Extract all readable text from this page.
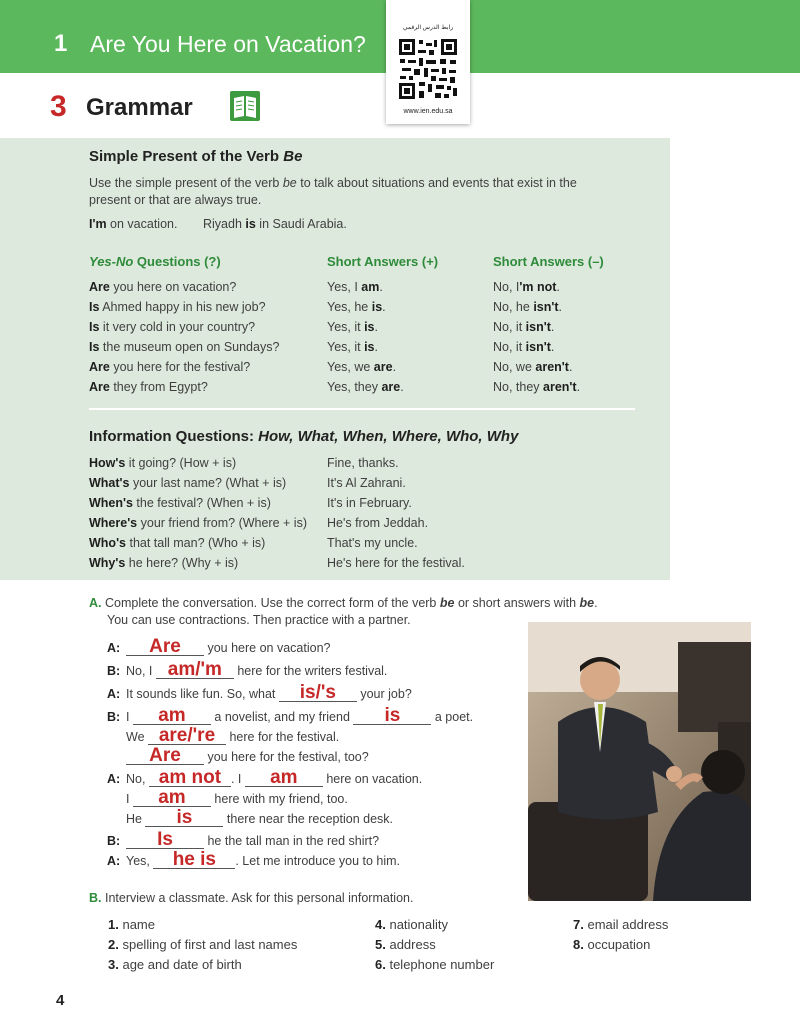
1 Are You Here on Vacation?
رابط الدرس الرقمي
www.ien.edu.sa
3 Grammar
Simple Present of the Verb Be
Use the simple present of the verb be to talk about situations and events that exist in the
present or that are always true.
I'm on vacation. Riyadh is in Saudi Arabia.
Yes-No Questions (?)	Short Answers (+)	Short Answers (–)
Are you here on vacation?	Yes, I am.	No, I'm not.
Is Ahmed happy in his new job?	Yes, he is.	No, he isn't.
Is it very cold in your country?	Yes, it is.	No, it isn't.
Is the museum open on Sundays?	Yes, it is.	No, it isn't.
Are you here for the festival?	Yes, we are.	No, we aren't.
Are they from Egypt?	Yes, they are.	No, they aren't.
Information Questions: How, What, When, Where, Who, Why
How's it going? (How + is)	Fine, thanks.
What's your last name? (What + is)	It's Al Zahrani.
When's the festival? (When + is)	It's in February.
Where's your friend from? (Where + is) He's from Jeddah.
Who's that tall man? (Who + is)	That's my uncle.
Why's he here? (Why + is)	He's here for the festival.
A. Complete the conversation. Use the correct form of the verb be or short answers with be.
You can use contractions. Then practice with a partner.
A: Are you here on vacation?
B: No, I am/'m here for the writers festival.
A: It sounds like fun. So, what is/'s your job?
B: I am a novelist, and my friend is a poet.
We are/'re here for the festival.
Are you here for the festival, too?
A: No, am not . I am here on vacation.
I am here with my friend, too.
He is there near the reception desk.
B: Is he the tall man in the red shirt?
A: Yes, he is . Let me introduce you to him.
B. Interview a classmate. Ask for this personal information.
1. name
2. spelling of first and last names
3. age and date of birth
4. nationality
5. address
6. telephone number
7. email address
8. occupation
4
